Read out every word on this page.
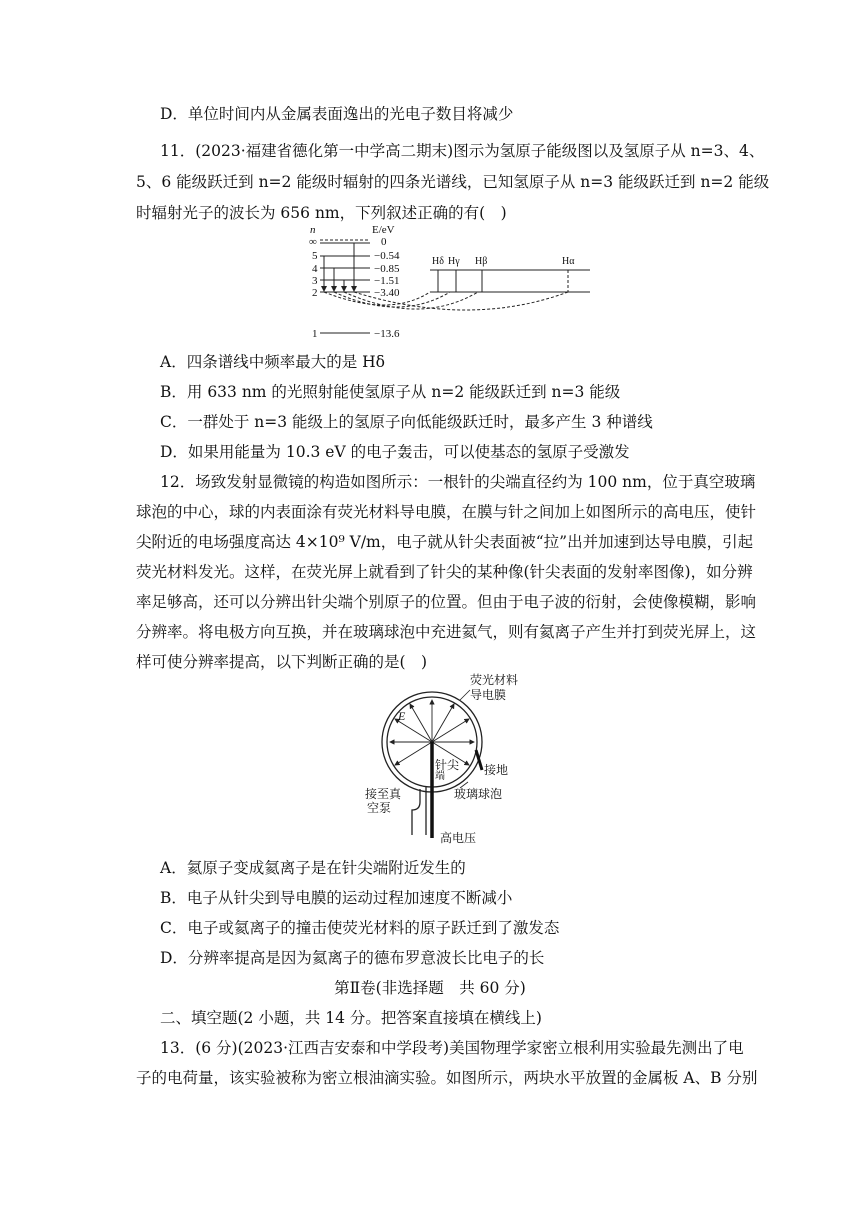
D．单位时间内从金属表面逸出的光电子数目将减少
11．(2023·福建省德化第一中学高二期末)图示为氢原子能级图以及氢原子从 n=3、4、
5、6 能级跃迁到 n=2 能级时辐射的四条光谱线，已知氢原子从 n=3 能级跃迁到 n=2 能级
时辐射光子的波长为 656 nm，下列叙述正确的有(　)
n	E/eV
∞	0
5	−0.54
4	−0.85
3	−1.51
2	−3.40
1	−13.6
Hδ Hγ Hβ	Hα
A．四条谱线中频率最大的是 Hδ
B．用 633 nm 的光照射能使氢原子从 n=2 能级跃迁到 n=3 能级
C．一群处于 n=3 能级上的氢原子向低能级跃迁时，最多产生 3 种谱线
D．如果用能量为 10.3 eV 的电子轰击，可以使基态的氢原子受激发
12．场致发射显微镜的构造如图所示：一根针的尖端直径约为 100 nm，位于真空玻璃
球泡的中心，球的内表面涂有荧光材料导电膜，在膜与针之间加上如图所示的高电压，使针
尖附近的电场强度高达 4×10⁹ V/m，电子就从针尖表面被“拉”出并加速到达导电膜，引起
荧光材料发光。这样，在荧光屏上就看到了针尖的某种像(针尖表面的发射率图像)，如分辨
率足够高，还可以分辨出针尖端个别原子的位置。但由于电子波的衍射，会使像模糊，影响
分辨率。将电极方向互换，并在玻璃球泡中充进氦气，则有氦离子产生并打到荧光屏上，这
样可使分辨率提高，以下判断正确的是(　)
荧光材料
导电膜
E
针尖
端	接地
接至真
空泵
玻璃球泡
高电压
A．氦原子变成氦离子是在针尖端附近发生的
B．电子从针尖到导电膜的运动过程加速度不断减小
C．电子或氦离子的撞击使荧光材料的原子跃迁到了激发态
D．分辨率提高是因为氦离子的德布罗意波长比电子的长
第Ⅱ卷(非选择题　共 60 分)
二、填空题(2 小题，共 14 分。把答案直接填在横线上)
13．(6 分)(2023·江西吉安泰和中学段考)美国物理学家密立根利用实验最先测出了电
子的电荷量，该实验被称为密立根油滴实验。如图所示，两块水平放置的金属板 A、B 分别
